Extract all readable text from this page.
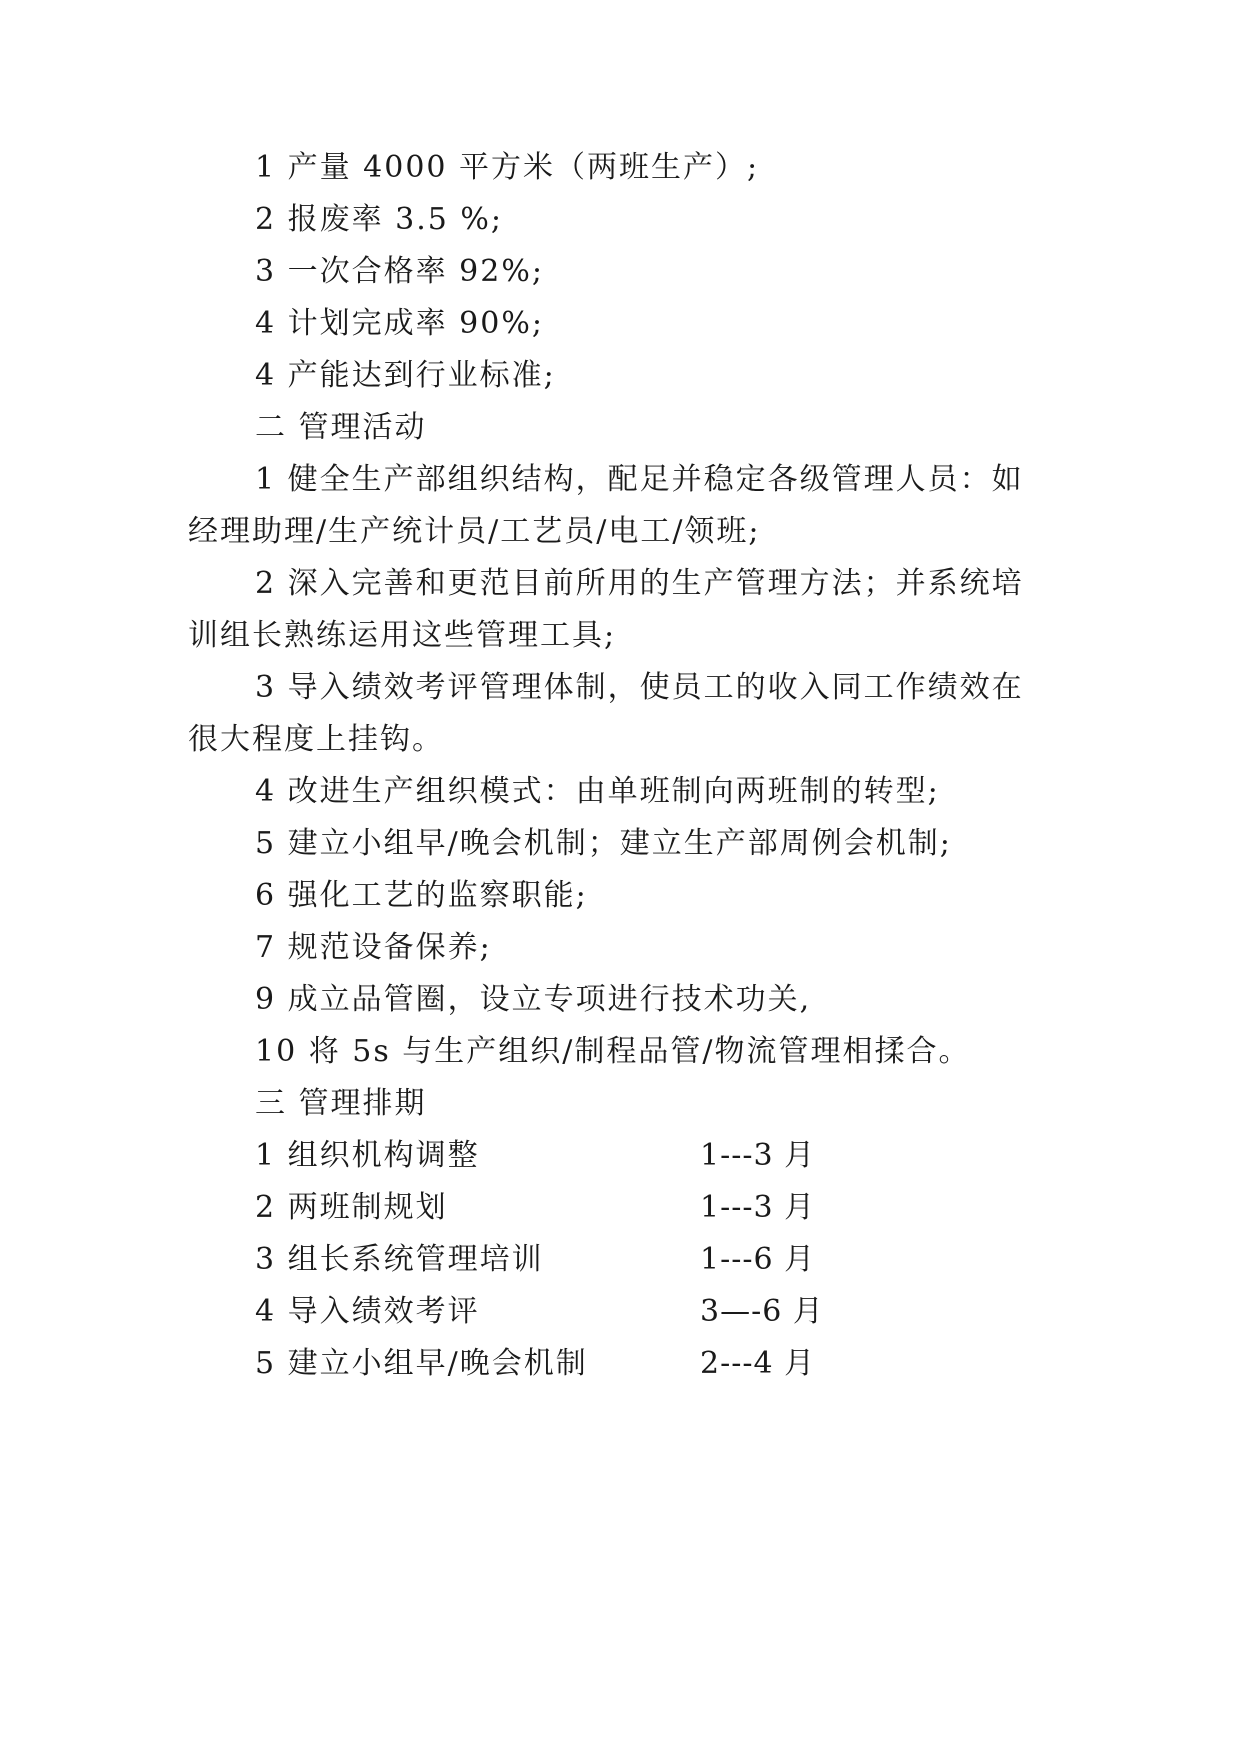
1 产量 4000 平方米（两班生产）;
2 报废率 3.5 %;
3 一次合格率 92%;
4 计划完成率 90%;
4 产能达到行业标准;
二 管理活动
1 健全生产部组织结构，配足并稳定各级管理人员：如
经理助理/生产统计员/工艺员/电工/领班;
2 深入完善和更范目前所用的生产管理方法；并系统培
训组长熟练运用这些管理工具;
3 导入绩效考评管理体制，使员工的收入同工作绩效在
很大程度上挂钩。
4 改进生产组织模式：由单班制向两班制的转型;
5 建立小组早/晚会机制；建立生产部周例会机制;
6 强化工艺的监察职能;
7 规范设备保养;
9 成立品管圈，设立专项进行技术功关,
10 将 5s 与生产组织/制程品管/物流管理相揉合。
三 管理排期
1 组织机构调整	1---3 月
2 两班制规划	1---3 月
3 组长系统管理培训	1---6 月
4 导入绩效考评	3—-6 月
5 建立小组早/晚会机制	2---4 月
